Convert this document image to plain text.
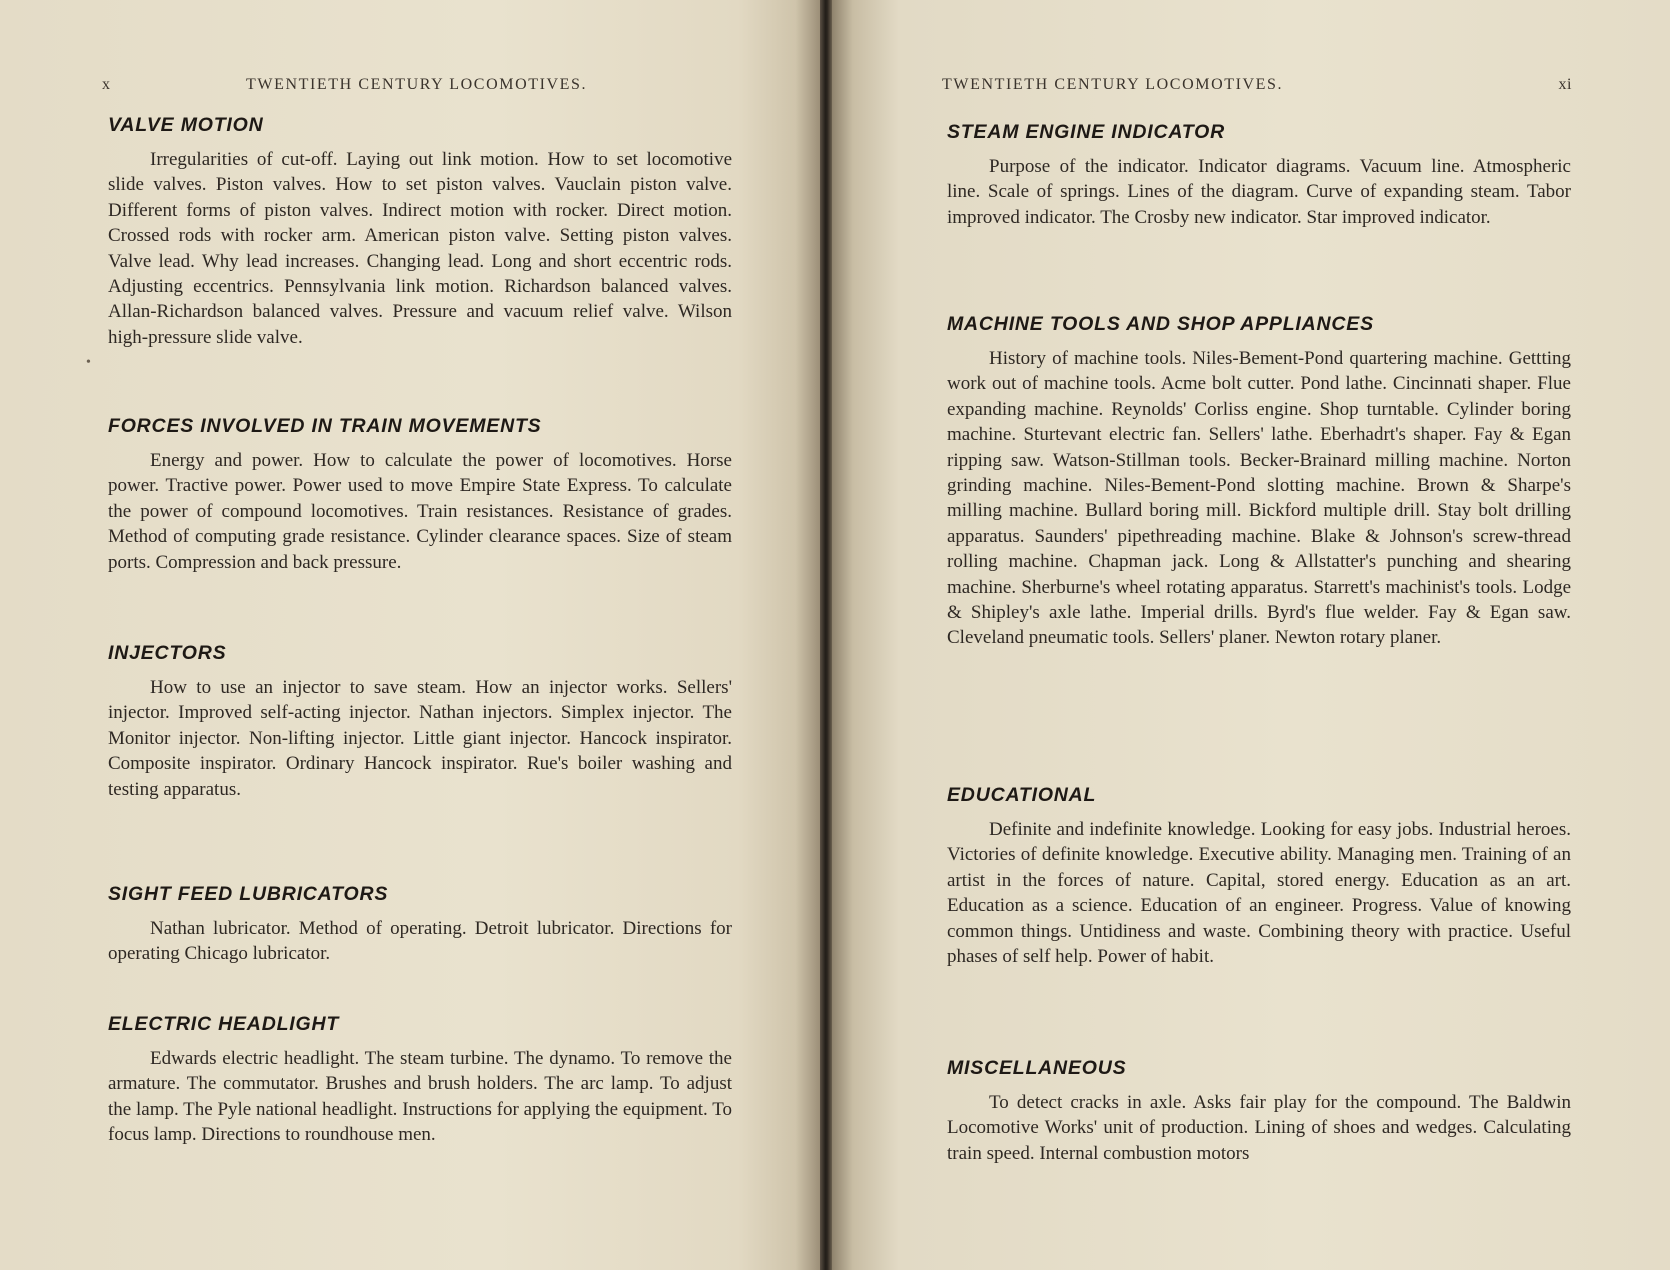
x	TWENTIETH CENTURY LOCOMOTIVES.
VALVE MOTION

Irregularities of cut-off. Laying out link motion. How to set locomotive slide valves. Piston valves. How to set piston valves. Vauclain piston valve. Different forms of piston valves. Indirect motion with rocker. Direct motion. Crossed rods with rocker arm. American piston valve. Setting piston valves. Valve lead. Why lead increases. Changing lead. Long and short eccentric rods. Adjusting eccentrics. Pennsylvania link motion. Richardson balanced valves. Allan-Richardson balanced valves. Pressure and vacuum relief valve. Wilson high-pressure slide valve.

FORCES INVOLVED IN TRAIN MOVEMENTS

Energy and power. How to calculate the power of locomotives. Horse power. Tractive power. Power used to move Empire State Express. To calculate the power of compound locomotives. Train resistances. Resistance of grades. Method of computing grade resistance. Cylinder clearance spaces. Size of steam ports. Compression and back pressure.

INJECTORS

How to use an injector to save steam. How an injector works. Sellers' injector. Improved self-acting injector. Nathan injectors. Simplex injector. The Monitor injector. Non-lifting injector. Little giant injector. Hancock inspirator. Composite inspirator. Ordinary Hancock inspirator. Rue's boiler washing and testing apparatus.

SIGHT FEED LUBRICATORS

Nathan lubricator. Method of operating. Detroit lubricator. Directions for operating Chicago lubricator.

ELECTRIC HEADLIGHT

Edwards electric headlight. The steam turbine. The dynamo. To remove the armature. The commutator. Brushes and brush holders. The arc lamp. To adjust the lamp. The Pyle national headlight. Instructions for applying the equipment. To focus lamp. Directions to roundhouse men.

•
TWENTIETH CENTURY LOCOMOTIVES.	xi
STEAM ENGINE INDICATOR

Purpose of the indicator. Indicator diagrams. Vacuum line. Atmospheric line. Scale of springs. Lines of the diagram. Curve of expanding steam. Tabor improved indicator. The Crosby new indicator. Star improved indicator.

MACHINE TOOLS AND SHOP APPLIANCES

History of machine tools. Niles-Bement-Pond quartering machine. Gettting work out of machine tools. Acme bolt cutter. Pond lathe. Cincinnati shaper. Flue expanding machine. Reynolds' Corliss engine. Shop turntable. Cylinder boring machine. Sturtevant electric fan. Sellers' lathe. Eberhadrt's shaper. Fay & Egan ripping saw. Watson-Stillman tools. Becker-Brainard milling machine. Norton grinding machine. Niles-Bement-Pond slotting machine. Brown & Sharpe's milling machine. Bullard boring mill. Bickford multiple drill. Stay bolt drilling apparatus. Saunders' pipethreading machine. Blake & Johnson's screw-thread rolling machine. Chapman jack. Long & Allstatter's punching and shearing machine. Sherburne's wheel rotating apparatus. Starrett's machinist's tools. Lodge & Shipley's axle lathe. Imperial drills. Byrd's flue welder. Fay & Egan saw. Cleveland pneumatic tools. Sellers' planer. Newton rotary planer.

EDUCATIONAL

Definite and indefinite knowledge. Looking for easy jobs. Industrial heroes. Victories of definite knowledge. Executive ability. Managing men. Training of an artist in the forces of nature. Capital, stored energy. Education as an art. Education as a science. Education of an engineer. Progress. Value of knowing common things. Untidiness and waste. Combining theory with practice. Useful phases of self help. Power of habit.

MISCELLANEOUS

To detect cracks in axle. Asks fair play for the compound. The Baldwin Locomotive Works' unit of production. Lining of shoes and wedges. Calculating train speed. Internal combustion motors
